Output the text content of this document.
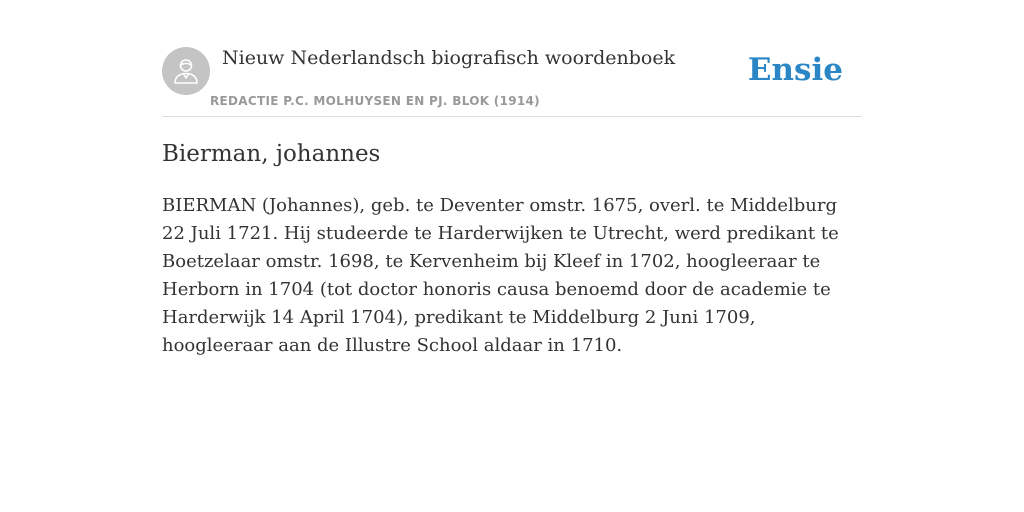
Nieuw Nederlandsch biografisch woordenboek

REDACTIE P.C. MOLHUYSEN EN PJ. BLOK (1914)

Ensie
Bierman, johannes

BIERMAN (Johannes), geb. te Deventer omstr. 1675, overl. te Middelburg 22 Juli 1721. Hij studeerde te Harderwijken te Utrecht, werd predikant te Boetzelaar omstr. 1698, te Kervenheim bij Kleef in 1702, hoogleeraar te Herborn in 1704 (tot doctor honoris causa benoemd door de academie te Harderwijk 14 April 1704), predikant te Middelburg 2 Juni 1709, hoogleeraar aan de Illustre School aldaar in 1710.
